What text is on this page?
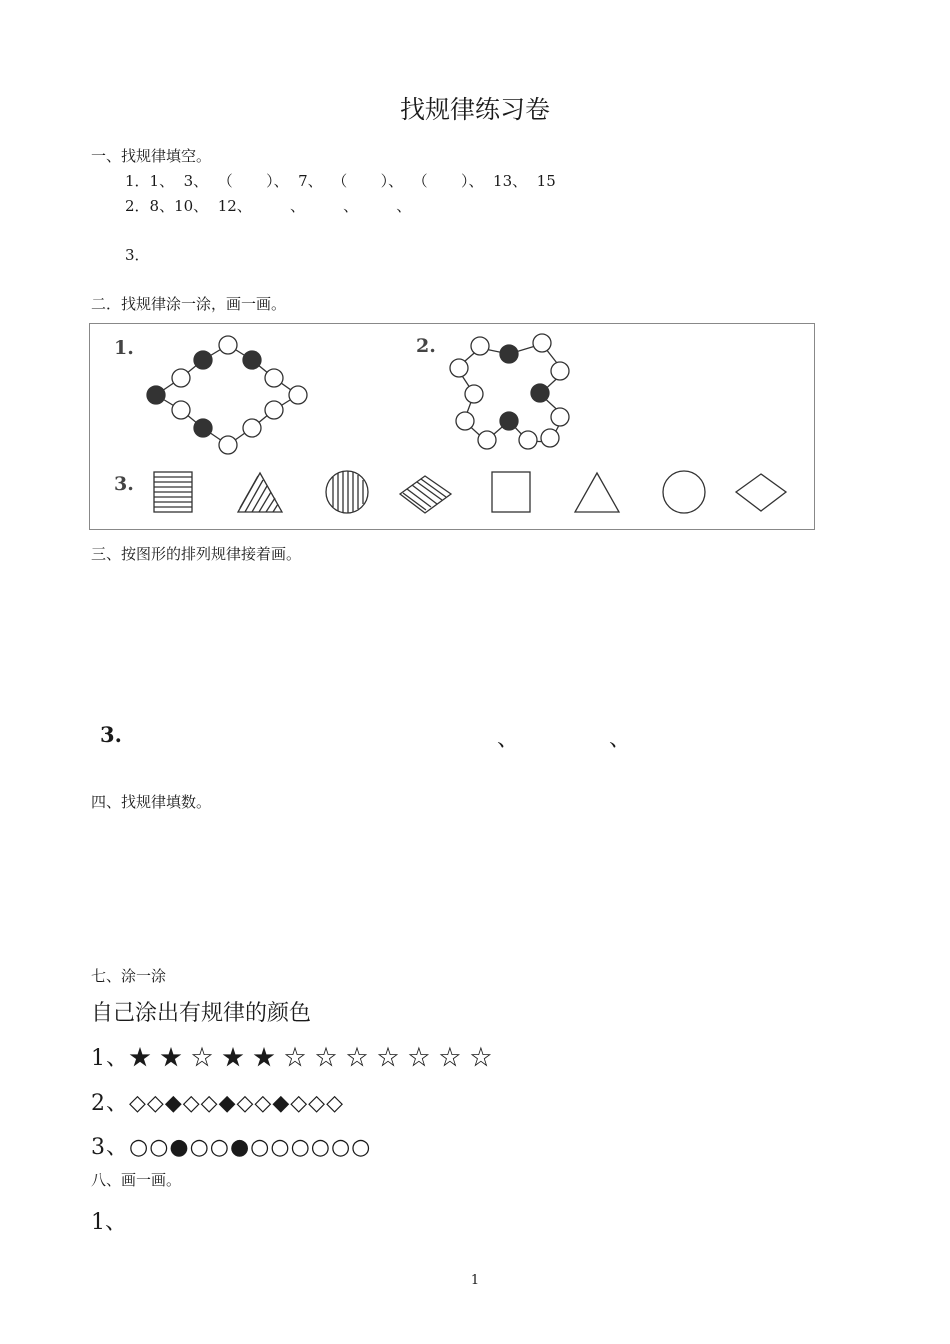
找规律练习卷
一、找规律填空。
1．1、  3、  （       ）、  7、  （       ）、  （       ）、  13、  15
2．8、10、  12、        、        、        、
3．
二．找规律涂一涂，画一画。
1.	2.
3.
三、按图形的排列规律接着画。
3.	、	、
四、找规律填数。
七、涂一涂
自己涂出有规律的颜色
1、★ ★ ☆ ★ ★ ☆ ☆ ☆ ☆ ☆ ☆ ☆
2、◇◇◆◇◇◆◇◇◆◇◇◇
3、○○●○○●○○○○○○
八、画一画。
1、
1
